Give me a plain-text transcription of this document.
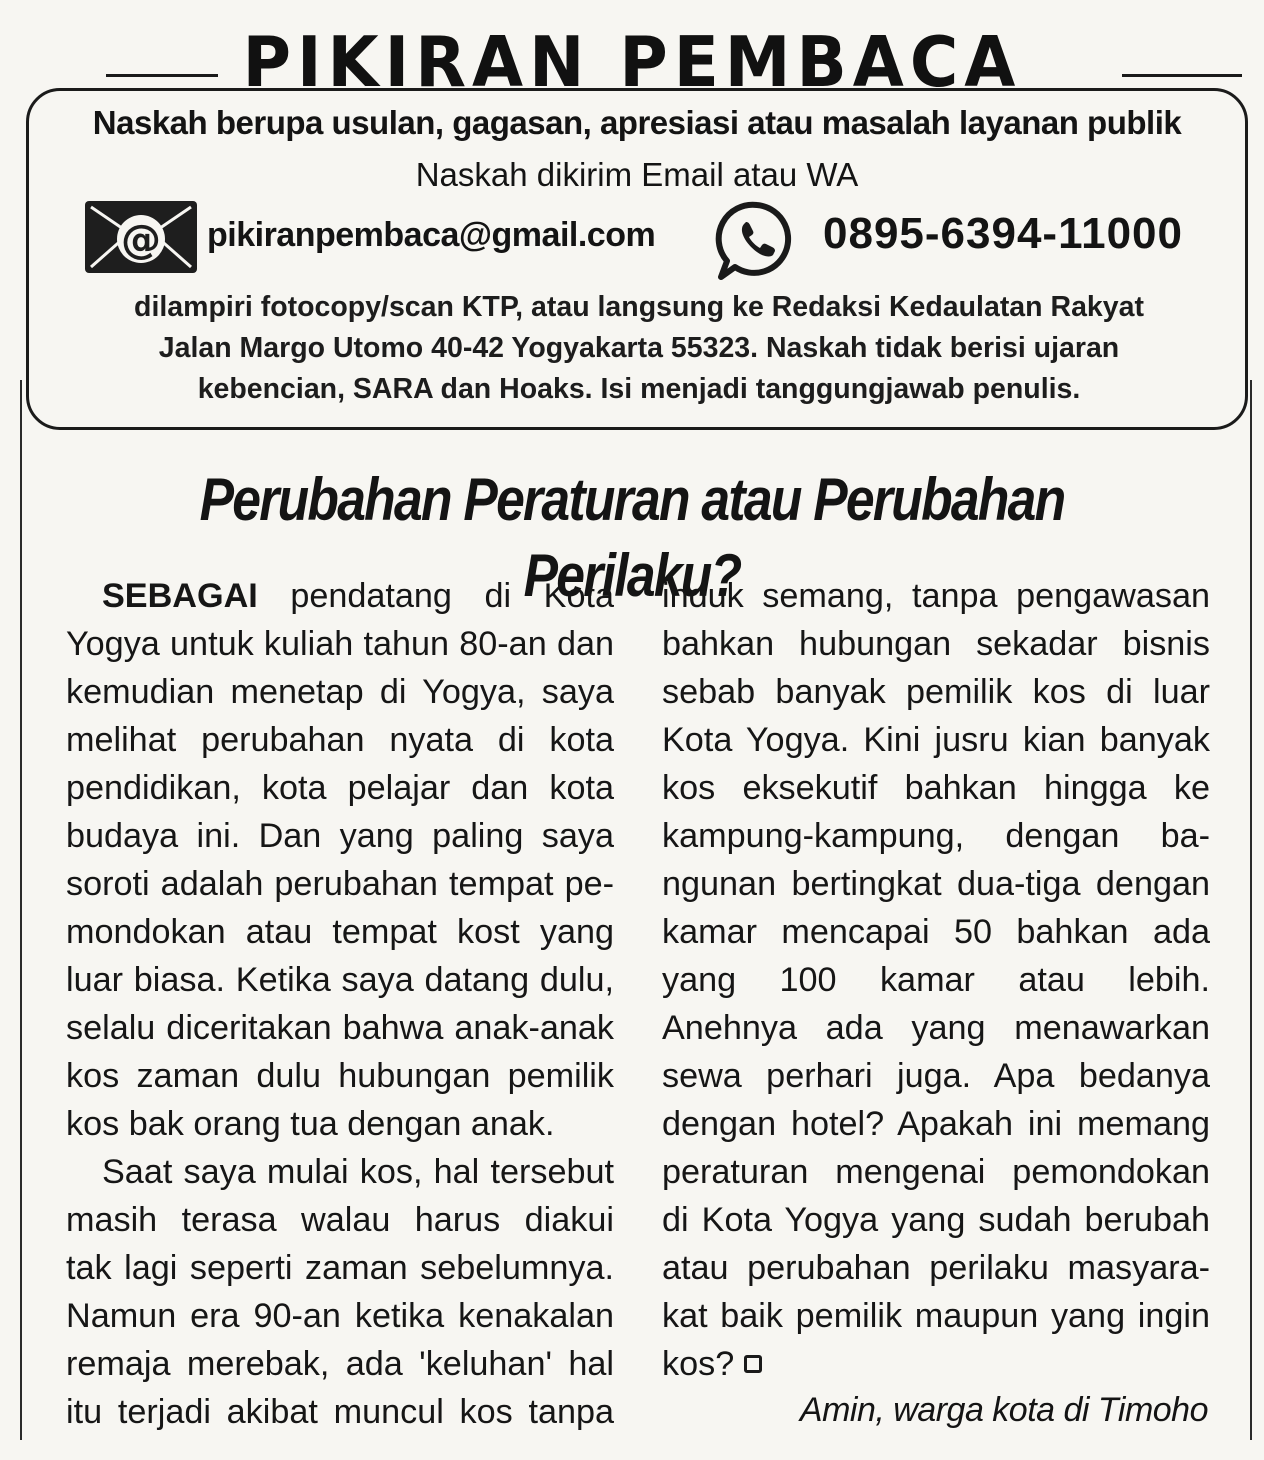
PIKIRAN PEMBACA
Naskah berupa usulan, gagasan, apresiasi atau masalah layanan publik
Naskah dikirim Email atau WA
@ pikiranpembaca@gmail.com	0895-6394-11000
dilampiri fotocopy/scan KTP, atau langsung ke Redaksi Kedaulatan Rakyat
Jalan Margo Utomo 40-42 Yogyakarta 55323. Naskah tidak berisi ujaran
kebencian, SARA dan Hoaks. Isi menjadi tanggungjawab penulis.
Perubahan Peraturan atau Perubahan Perilaku?
SEBAGAI pendatang di Kota
Yogya untuk kuliah tahun 80-an dan
kemudian menetap di Yogya, saya
melihat perubahan nyata di kota
pendidikan, kota pelajar dan kota
budaya ini. Dan yang paling saya
soroti adalah perubahan tempat pe-
mondokan atau tempat kost yang
luar biasa. Ketika saya datang dulu,
selalu diceritakan bahwa anak-anak
kos zaman dulu hubungan pemilik
kos bak orang tua dengan anak.
Saat saya mulai kos, hal tersebut
masih terasa walau harus diakui
tak lagi seperti zaman sebelumnya.
Namun era 90-an ketika kenakalan
remaja merebak, ada 'keluhan' hal
itu terjadi akibat muncul kos tanpa
induk semang, tanpa pengawasan
bahkan hubungan sekadar bisnis
sebab banyak pemilik kos di luar
Kota Yogya. Kini jusru kian banyak
kos eksekutif bahkan hingga ke
kampung-kampung, dengan ba-
ngunan bertingkat dua-tiga dengan
kamar mencapai 50 bahkan ada
yang 100 kamar atau lebih.
Anehnya ada yang menawarkan
sewa perhari juga. Apa bedanya
dengan hotel? Apakah ini memang
peraturan mengenai pemondokan
di Kota Yogya yang sudah berubah
atau perubahan perilaku masyara-
kat baik pemilik maupun yang ingin
kos?
Amin, warga kota di Timoho
